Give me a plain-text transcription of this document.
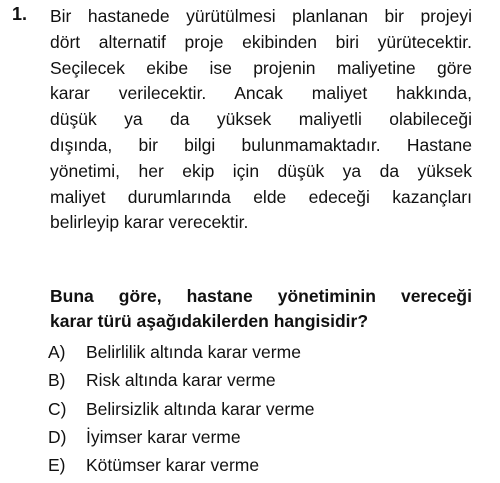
1. Bir hastanede yürütülmesi planlanan bir projeyi
dört alternatif proje ekibinden biri yürütecektir.
Seçilecek ekibe ise projenin maliyetine göre
karar verilecektir. Ancak maliyet hakkında,
düşük ya da yüksek maliyetli olabileceği
dışında, bir bilgi bulunmamaktadır. Hastane
yönetimi, her ekip için düşük ya da yüksek
maliyet durumlarında elde edeceği kazançları
belirleyip karar verecektir.

Buna göre, hastane yönetiminin vereceği
karar türü aşağıdakilerden hangisidir?

A)	Belirlilik altında karar verme
B)	Risk altında karar verme
C)	Belirsizlik altında karar verme
D)	İyimser karar verme
E)	Kötümser karar verme
